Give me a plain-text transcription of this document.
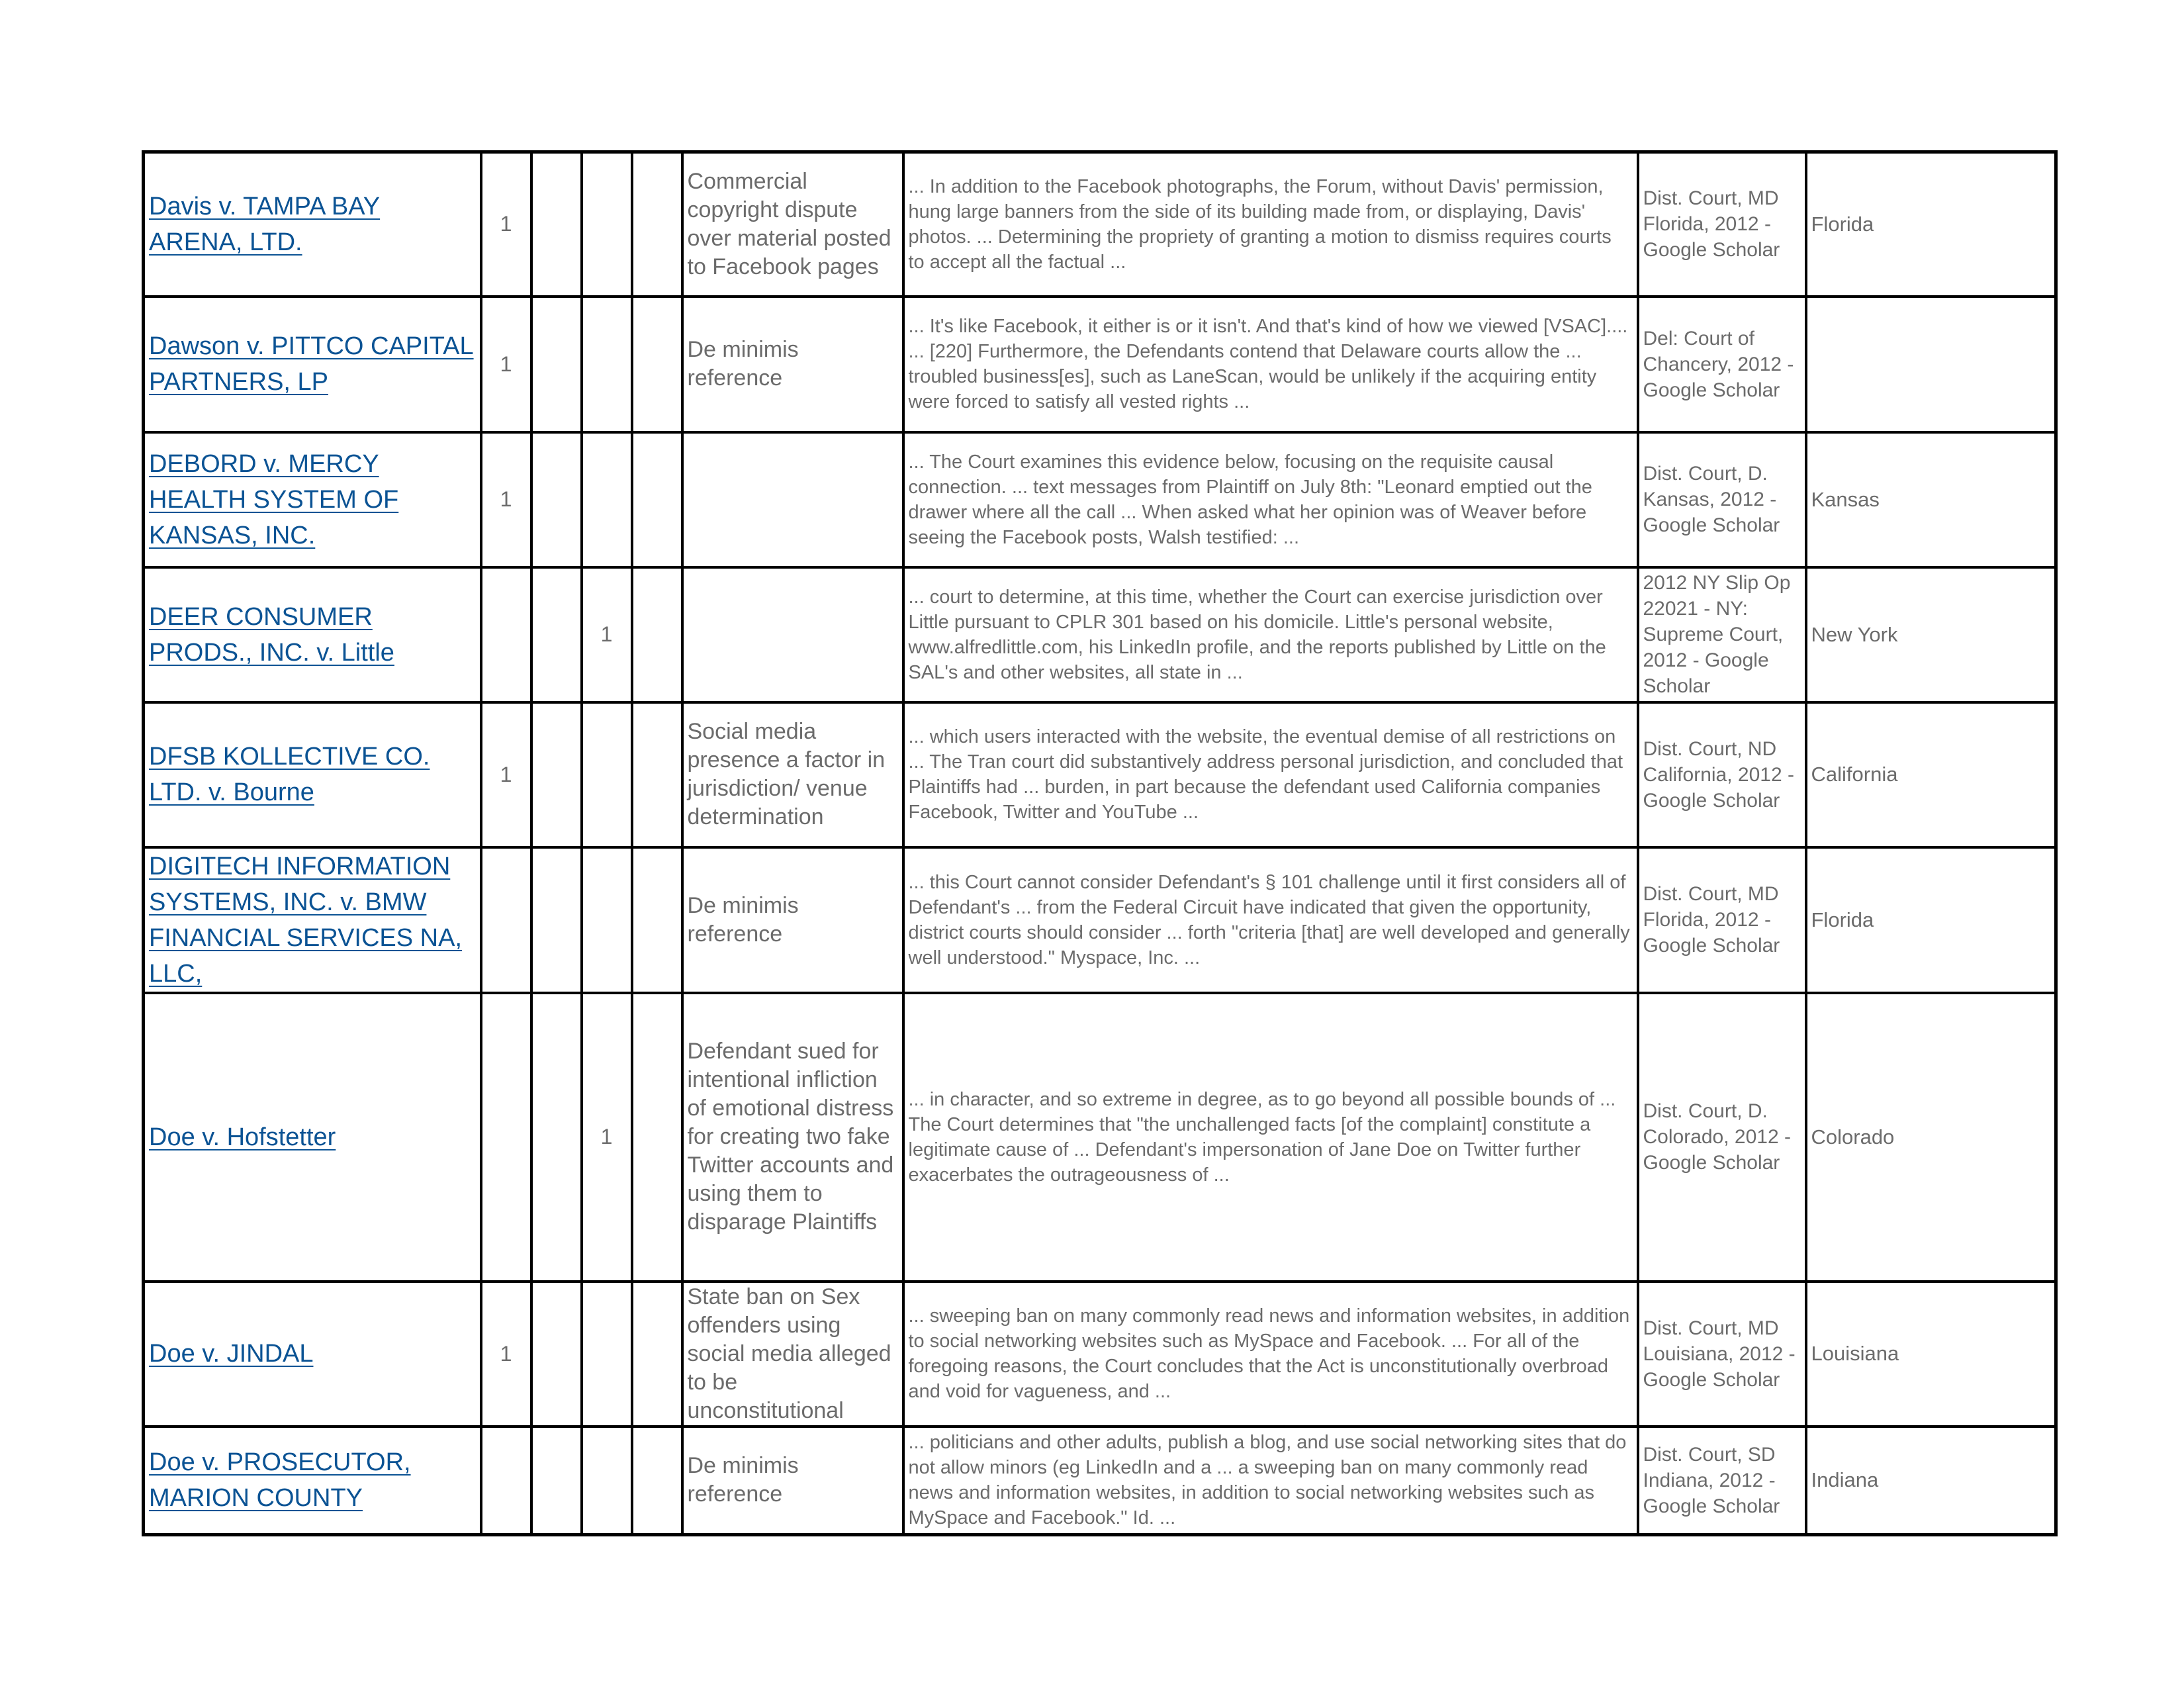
Davis v. TAMPA BAY ARENA, LTD.	1				Commercial copyright dispute over material posted to Facebook pages	... In addition to the Facebook photographs, the Forum, without Davis' permission, hung large banners from the side of its building made from, or displaying, Davis' photos. ... Determining the propriety of granting a motion to dismiss requires courts to accept all the factual ...	Dist. Court, MD Florida, 2012 - Google Scholar	Florida
Dawson v. PITTCO CAPITAL PARTNERS, LP	1				De minimis reference	... It's like Facebook, it either is or it isn't. And that's kind of how we viewed [VSAC].... ... [220] Furthermore, the Defendants contend that Delaware courts allow the ... troubled business[es], such as LaneScan, would be unlikely if the acquiring entity were forced to satisfy all vested rights ...	Del: Court of Chancery, 2012 - Google Scholar	
DEBORD v. MERCY HEALTH SYSTEM OF KANSAS, INC.	1					... The Court examines this evidence below, focusing on the requisite causal connection. ... text messages from Plaintiff on July 8th: "Leonard emptied out the drawer where all the call ... When asked what her opinion was of Weaver before seeing the Facebook posts, Walsh testified: ...	Dist. Court, D. Kansas, 2012 - Google Scholar	Kansas
DEER CONSUMER PRODS., INC. v. Little			1			... court to determine, at this time, whether the Court can exercise jurisdiction over Little pursuant to CPLR 301 based on his domicile. Little's personal website, www.alfredlittle.com, his LinkedIn profile, and the reports published by Little on the SAL's and other websites, all state in ...	2012 NY Slip Op 22021 - NY: Supreme Court, 2012 - Google Scholar	New York
DFSB KOLLECTIVE CO. LTD. v. Bourne	1				Social media presence a factor in jurisdiction/ venue determination	... which users interacted with the website, the eventual demise of all restrictions on ... The Tran court did substantively address personal jurisdiction, and concluded that Plaintiffs had ... burden, in part because the defendant used California companies Facebook, Twitter and YouTube ...	Dist. Court, ND California, 2012 - Google Scholar	California
DIGITECH INFORMATION SYSTEMS, INC. v. BMW FINANCIAL SERVICES NA, LLC,					De minimis reference	... this Court cannot consider Defendant's § 101 challenge until it first considers all of Defendant's ... from the Federal Circuit have indicated that given the opportunity, district courts should consider ... forth "criteria [that] are well developed and generally well understood." Myspace, Inc. ...	Dist. Court, MD Florida, 2012 - Google Scholar	Florida
Doe v. Hofstetter			1		Defendant sued for intentional infliction of emotional distress for creating two fake Twitter accounts and using them to disparage Plaintiffs	... in character, and so extreme in degree, as to go beyond all possible bounds of ... The Court determines that "the unchallenged facts [of the complaint] constitute a legitimate cause of ... Defendant's impersonation of Jane Doe on Twitter further exacerbates the outrageousness of ...	Dist. Court, D. Colorado, 2012 - Google Scholar	Colorado
Doe v. JINDAL	1				State ban on Sex offenders using social media alleged to be unconstitutional	... sweeping ban on many commonly read news and information websites, in addition to social networking websites such as MySpace and Facebook. ... For all of the foregoing reasons, the Court concludes that the Act is unconstitutionally overbroad and void for vagueness, and ...	Dist. Court, MD Louisiana, 2012 - Google Scholar	Louisiana
Doe v. PROSECUTOR, MARION COUNTY					De minimis reference	... politicians and other adults, publish a blog, and use social networking sites that do not allow minors (eg LinkedIn and a ... a sweeping ban on many commonly read news and information websites, in addition to social networking websites such as MySpace and Facebook." Id. ...	Dist. Court, SD Indiana, 2012 - Google Scholar	Indiana
